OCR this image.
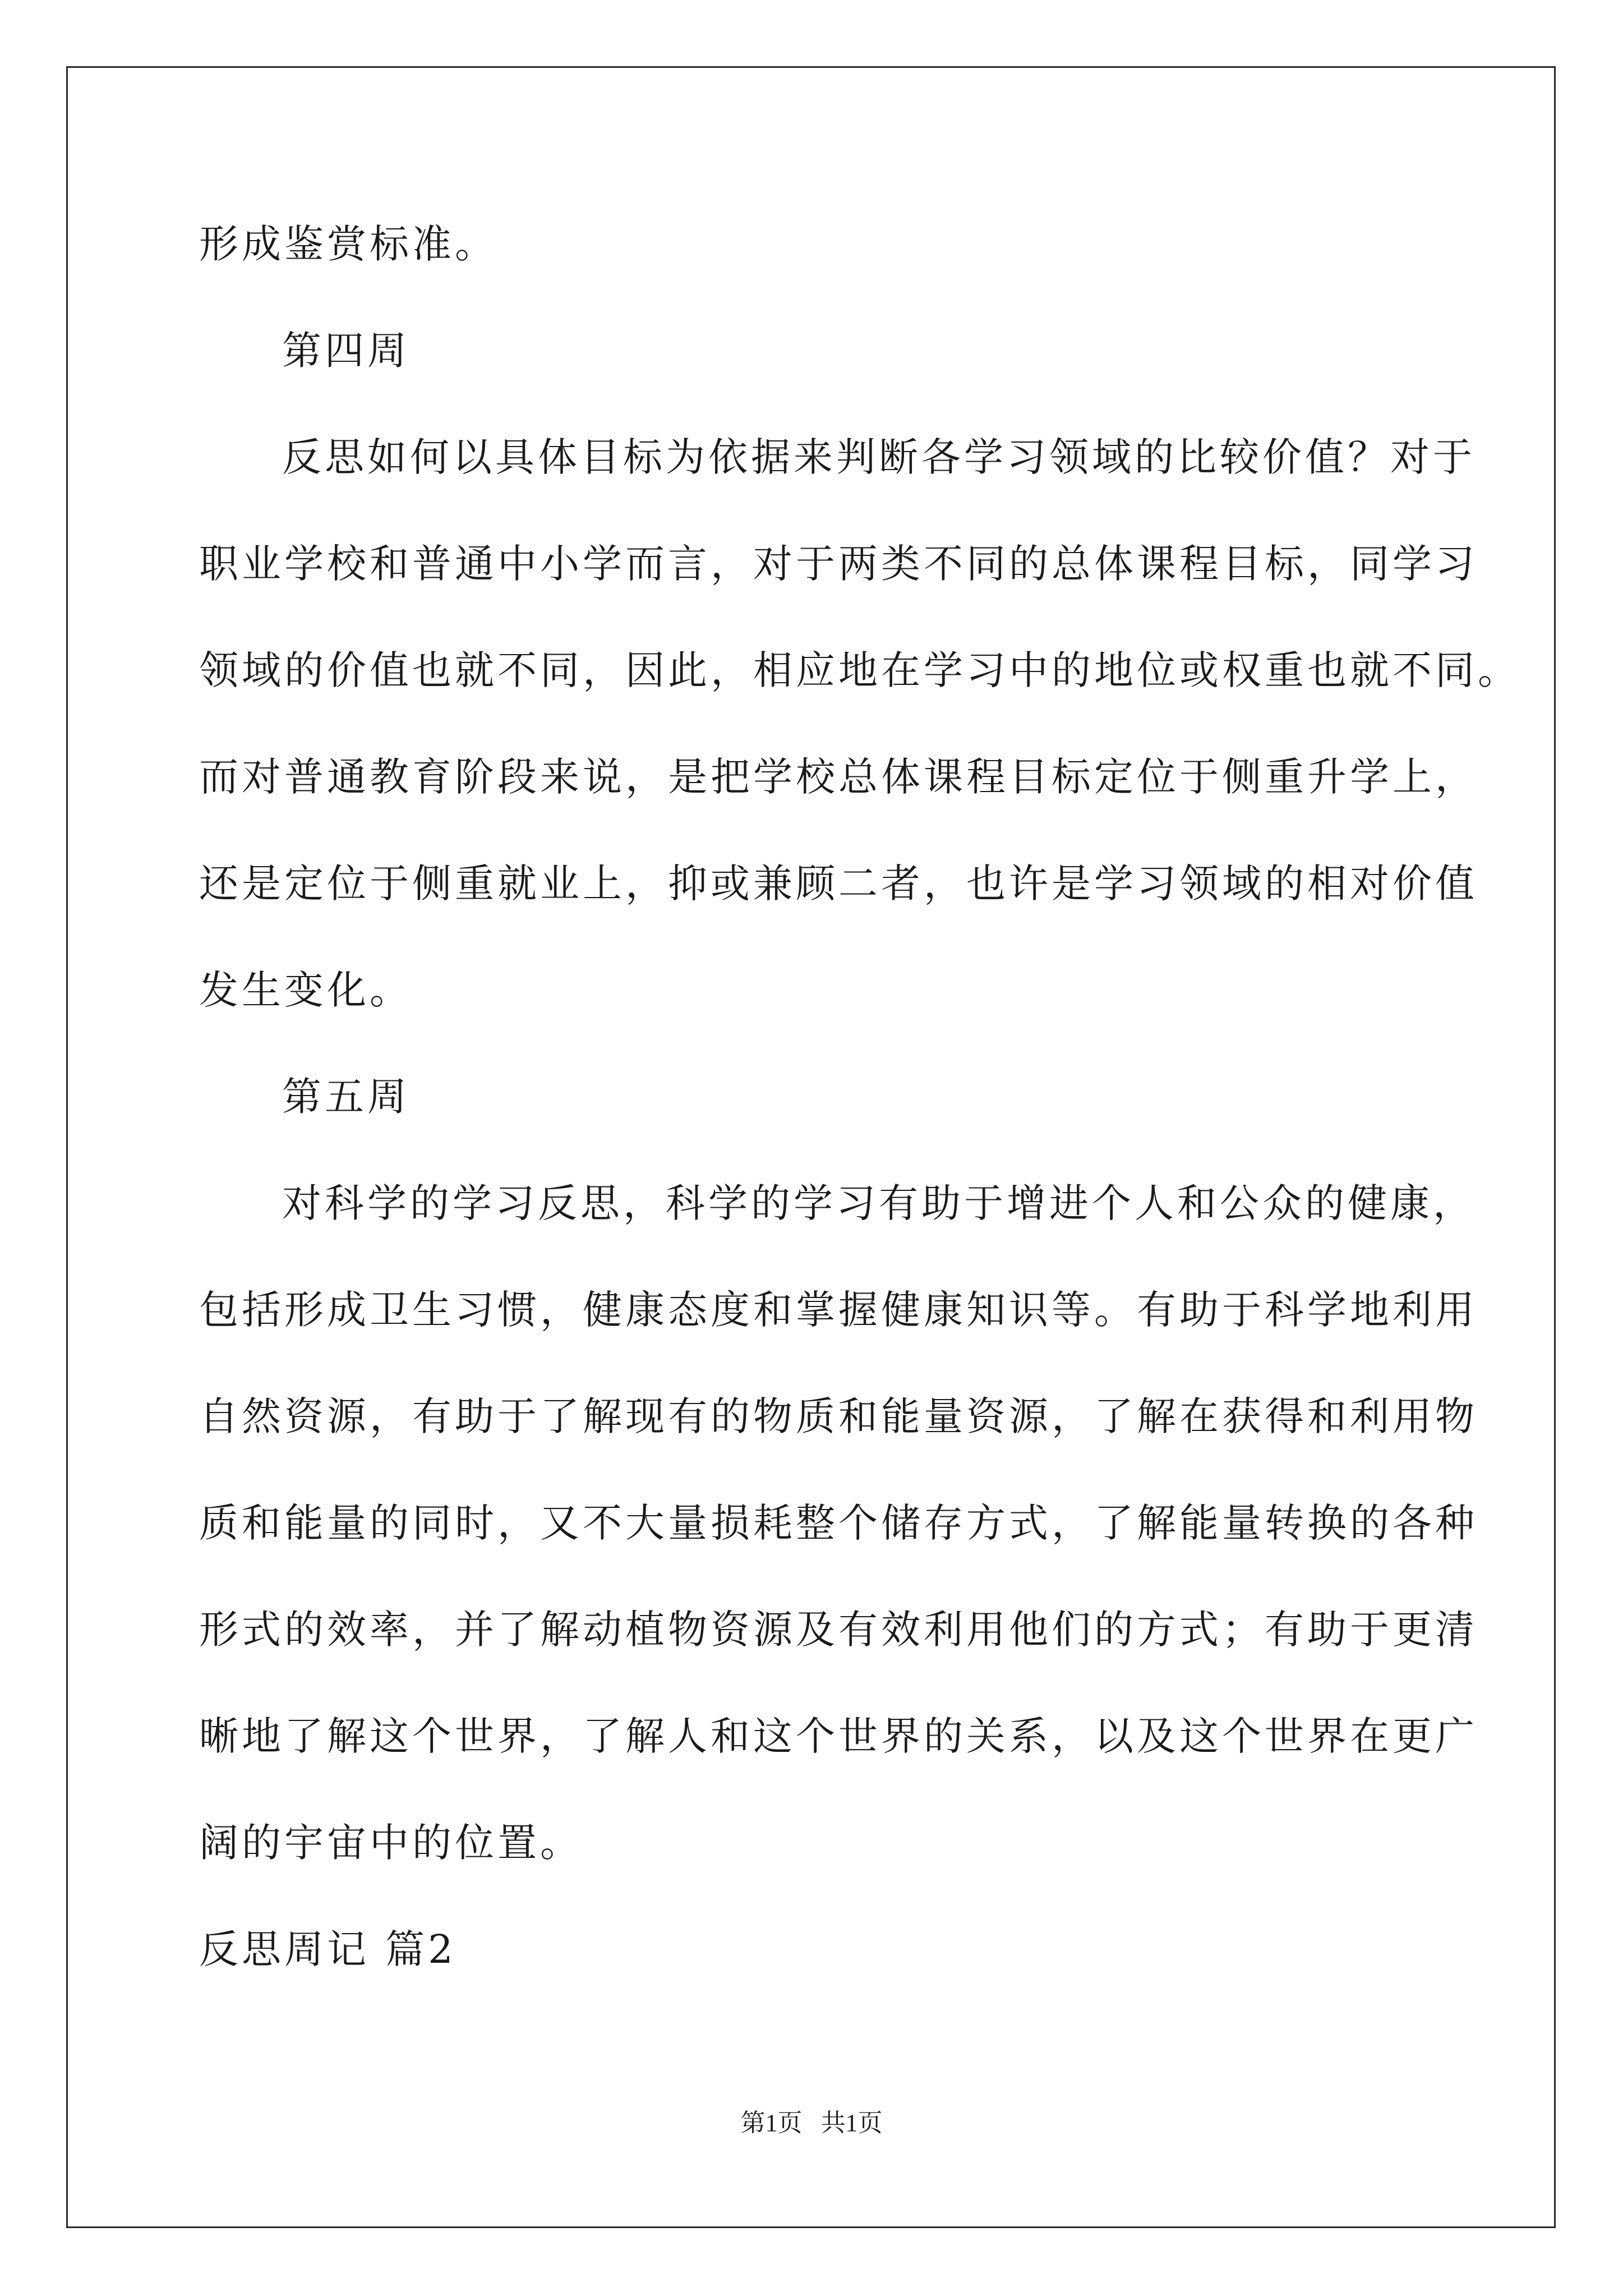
形成鉴赏标准。
第四周
反思如何以具体目标为依据来判断各学习领域的比较价值？对于
职业学校和普通中小学而言，对于两类不同的总体课程目标，同学习
领域的价值也就不同，因此，相应地在学习中的地位或权重也就不同。
而对普通教育阶段来说，是把学校总体课程目标定位于侧重升学上，
还是定位于侧重就业上，抑或兼顾二者，也许是学习领域的相对价值
发生变化。
第五周
对科学的学习反思，科学的学习有助于增进个人和公众的健康，
包括形成卫生习惯，健康态度和掌握健康知识等。有助于科学地利用
自然资源，有助于了解现有的物质和能量资源，了解在获得和利用物
质和能量的同时，又不大量损耗整个储存方式，了解能量转换的各种
形式的效率，并了解动植物资源及有效利用他们的方式；有助于更清
晰地了解这个世界，了解人和这个世界的关系，以及这个世界在更广
阔的宇宙中的位置。
反思周记 篇2
第1页   共1页
